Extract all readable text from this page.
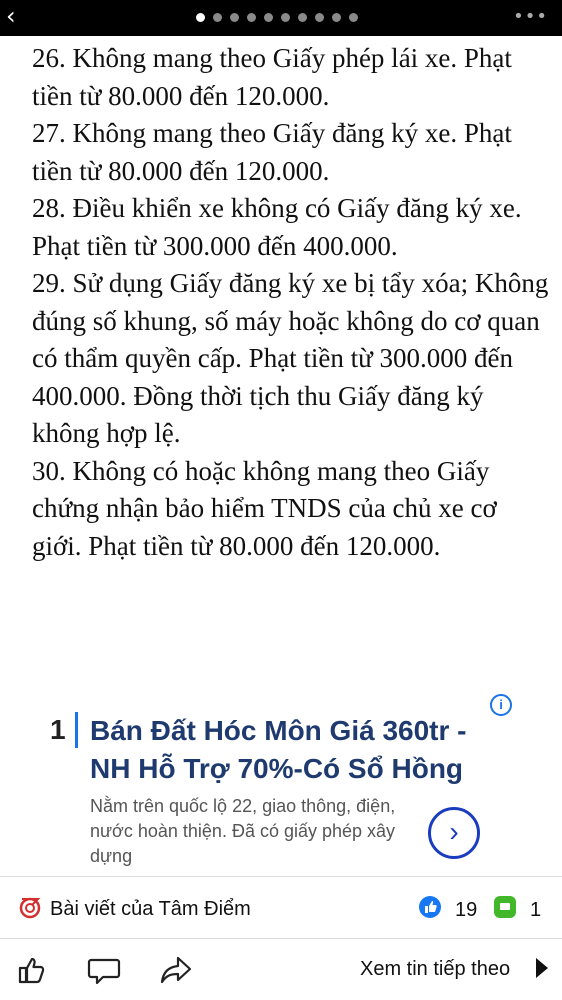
‹	•••

26. Không mang theo Giấy phép lái xe. Phạt tiền từ 80.000 đến 120.000.

27. Không mang theo Giấy đăng ký xe. Phạt tiền từ 80.000 đến 120.000.

28. Điều khiển xe không có Giấy đăng ký xe. Phạt tiền từ 300.000 đến 400.000.

29. Sử dụng Giấy đăng ký xe bị tẩy xóa; Không đúng số khung, số máy hoặc không do cơ quan có thẩm quyền cấp. Phạt tiền từ 300.000 đến 400.000. Đồng thời tịch thu Giấy đăng ký không hợp lệ.

30. Không có hoặc không mang theo Giấy chứng nhận bảo hiểm TNDS của chủ xe cơ giới. Phạt tiền từ 80.000 đến 120.000.

i
1 Bán Đất Hóc Môn Giá 360tr - NH Hỗ Trợ 70%-Có Sổ Hồng
Nằm trên quốc lộ 22, giao thông, điện, nước hoàn thiện. Đã có giấy phép xây dựng
›
Bài viết của Tâm Điểm	19	1
Xem tin tiếp theo
